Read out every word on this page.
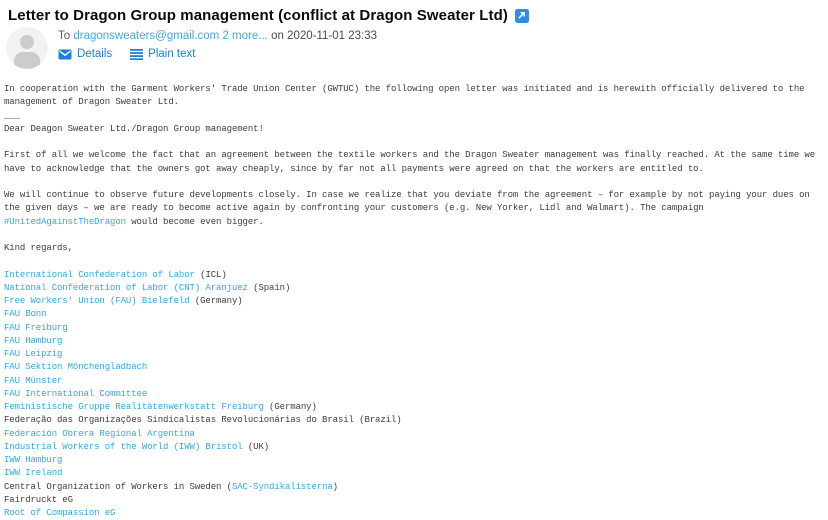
Letter to Dragon Group management (conflict at Dragon Sweater Ltd)
To dragonsweaters@gmail.com 2 more... on 2020-11-01 23:33
Details	Plain text
In cooperation with the Garment Workers' Trade Union Center (GWTUC) the following open letter was initiated and is herewith officially delivered to the
management of Dragon Sweater Ltd.
___
Dear Deagon Sweater Ltd./Dragon Group management!

First of all we welcome the fact that an agreement between the textile workers and the Dragon Sweater management was finally reached. At the same time we
have to acknowledge that the owners got away cheaply, since by far not all payments were agreed on that the workers are entitled to.

We will continue to observe future developments closely. In case we realize that you deviate from the agreement – for example by not paying your dues on
the given days – we are ready to become active again by confronting your customers (e.g. New Yorker, Lidl and Walmart). The campaign
#UnitedAgainstTheDragon would become even bigger.

Kind regards,

International Confederation of Labor (ICL)
National Confederation of Labor (CNT) Aranjuez (Spain)
Free Workers' Union (FAU) Bielefeld (Germany)
FAU Bonn
FAU Freiburg
FAU Hamburg
FAU Leipzig
FAU Sektion Mönchengladbach
FAU Münster
FAU International Committee
Feministische Gruppe Realitätenwerkstatt Freiburg (Germany)
Federação das Organizações Sindicalistas Revolucionárias do Brasil (Brazil)
Federación Obrera Regional Argentina
Industrial Workers of the World (IWW) Bristol (UK)
IWW Hamburg
IWW Ireland
Central Organization of Workers in Sweden (SAC-Syndikalisterna)
Fairdruckt eG
Root of Compassion eG
